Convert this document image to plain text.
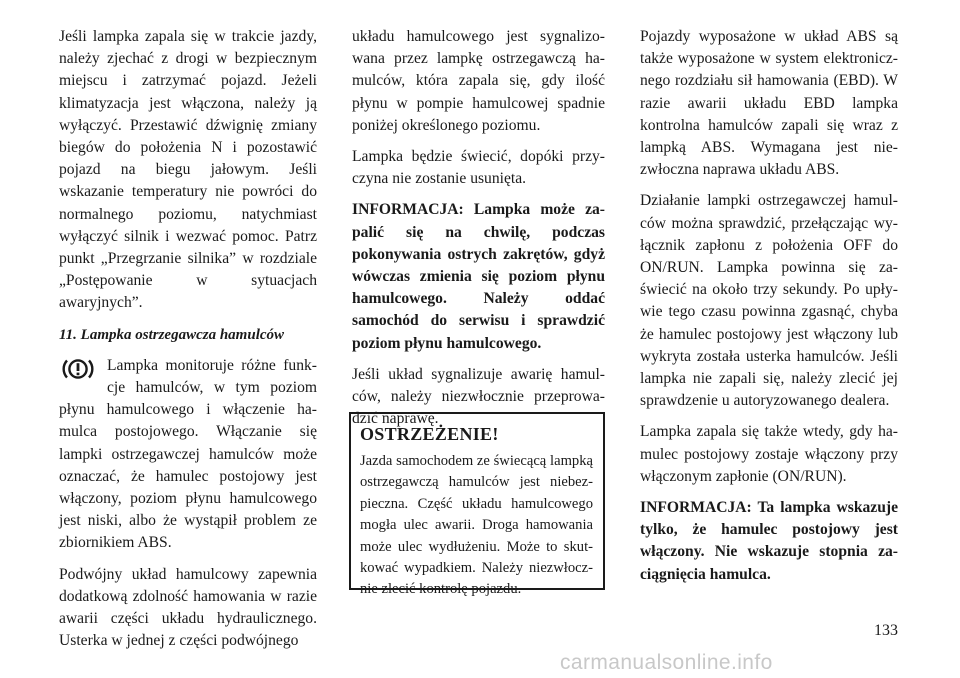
Jeśli lampka zapala się w trakcie jazdy, należy zjechać z drogi w bezpiecznym miejscu i zatrzymać pojazd. Jeżeli klimatyzacja jest włączona, należy ją wyłączyć. Przestawić dźwignię zmiany biegów do położenia N i pozostawić pojazd na biegu jałowym. Jeśli wskazanie temperatury nie powróci do normalnego poziomu, natychmiast wyłączyć silnik i wezwać pomoc. Patrz punkt „Przegrzanie silnika” w rozdziale „Postępowanie w sytuacjach awaryjnych”.

11. Lampka ostrzegawcza hamulców

Lampka monitoruje różne funkcje hamulców, w tym poziom płynu hamulcowego i włączenie hamulca postojowego. Włączanie się lampki ostrzegawczej hamulców może oznaczać, że hamulec postojowy jest włączony, poziom płynu hamulcowego jest niski, albo że wystąpił problem ze zbiornikiem ABS.

Podwójny układ hamulcowy zapewnia dodatkową zdolność hamowania w razie awarii części układu hydraulicznego. Usterka w jednej z części podwójnego

układu hamulcowego jest sygnalizowana przez lampkę ostrzegawczą hamulców, która zapala się, gdy ilość płynu w pompie hamulcowej spadnie poniżej określonego poziomu.

Lampka będzie świecić, dopóki przyczyna nie zostanie usunięta.

INFORMACJA: Lampka może zapalić się na chwilę, podczas pokonywania ostrych zakrętów, gdyż wówczas zmienia się poziom płynu hamulcowego. Należy oddać samochód do serwisu i sprawdzić poziom płynu hamulcowego.

Jeśli układ sygnalizuje awarię hamulców, należy niezwłocznie przeprowadzić naprawę.

OSTRZEŻENIE!

Jazda samochodem ze świecącą lampką ostrzegawczą hamulców jest niebezpieczna. Część układu hamulcowego mogła ulec awarii. Droga hamowania może ulec wydłużeniu. Może to skutkować wypadkiem. Należy niezwłocznie zlecić kontrolę pojazdu.

Pojazdy wyposażone w układ ABS są także wyposażone w system elektronicznego rozdziału sił hamowania (EBD). W razie awarii układu EBD lampka kontrolna hamulców zapali się wraz z lampką ABS. Wymagana jest niezwłoczna naprawa układu ABS.

Działanie lampki ostrzegawczej hamulców można sprawdzić, przełączając wyłącznik zapłonu z położenia OFF do ON/RUN. Lampka powinna się zaświecić na około trzy sekundy. Po upływie tego czasu powinna zgasnąć, chyba że hamulec postojowy jest włączony lub wykryta została usterka hamulców. Jeśli lampka nie zapali się, należy zlecić jej sprawdzenie u autoryzowanego dealera.

Lampka zapala się także wtedy, gdy hamulec postojowy zostaje włączony przy włączonym zapłonie (ON/RUN).

INFORMACJA: Ta lampka wskazuje tylko, że hamulec postojowy jest włączony. Nie wskazuje stopnia zaciągnięcia hamulca.

133
carmanualsonline.info
